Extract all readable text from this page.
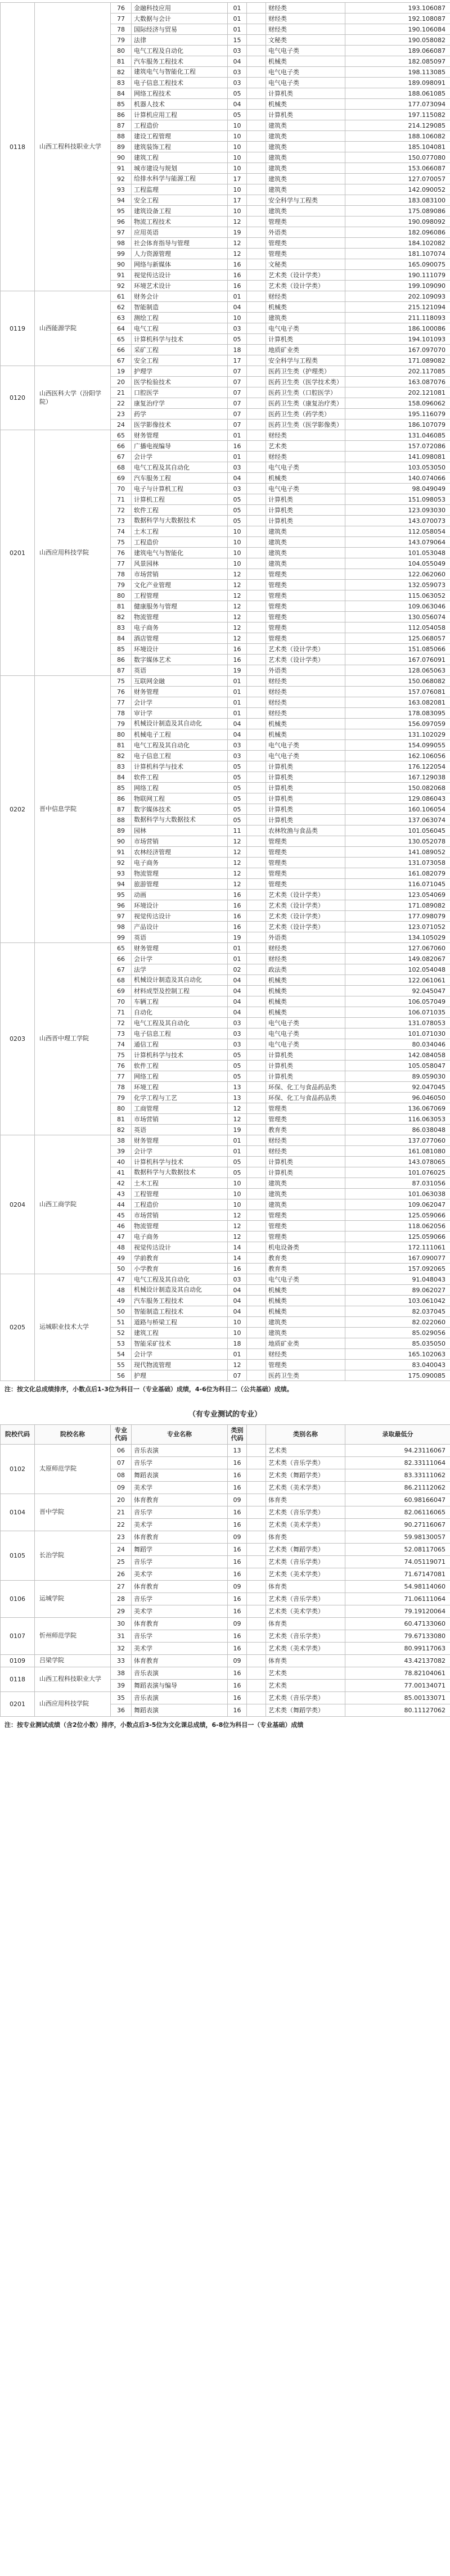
0118	山西工程科技职业大学	76	金融科技应用	01		财经类	193.106087
		77	大数据与会计	01		财经类	192.108087
		78	国际经济与贸易	01		财经类	190.106084
		79	法律	15		文秘类	190.058082
		80	电气工程及自动化	03		电气电子类	189.066087
		81	汽车服务工程技术	04		机械类	182.085097
		82	建筑电气与智能化工程	03		电气电子类	198.113085
		83	电子信息工程技术	03		电气电子类	189.098091
		84	网络工程技术	05		计算机类	188.061085
		85	机器人技术	04		机械类	177.073094
		86	计算机应用工程	05		计算机类	197.115082
		87	工程造价	10		建筑类	214.129085
		88	建设工程管理	10		建筑类	188.106082
		89	建筑装饰工程	10		建筑类	185.104081
		90	建筑工程	10		建筑类	150.077080
		91	城市建设与规划	10		建筑类	153.066087
		92	给排水科学与能源工程	17		建筑类	127.070057
		93	工程监理	10		建筑类	142.090052
		94	安全工程	17		安全科学与工程类	183.083100
		95	建筑设备工程	10		建筑类	175.089086
		96	物流工程技术	12		管理类	190.098092
		97	应用英语	19		外语类	182.096086
		98	社会体育指导与管理	12		管理类	184.102082
		99	人力资源管理	12		管理类	181.107074
		90	网络与新媒体	16		文秘类	165.090075
		91	视觉传达设计	16		艺术类（设计学类）	190.111079
		92	环境艺术设计	16		艺术类（设计学类）	199.109090
0119	山西能源学院	61	财务会计	01		财经类	202.109093
		62	智能制造	04		机械类	215.121094
		63	测绘工程	10		建筑类	211.118093
		64	电气工程	03		电气电子类	186.100086
		65	计算机科学与技术	05		计算机类	194.101093
		66	采矿工程	18		地质矿业类	167.097070
		67	安全工程	17		安全科学与工程类	171.089082
0120	山西医科大学（汾阳学院）	19	护理学	07		医药卫生类（护理类）	202.117085
		20	医学检验技术	07		医药卫生类（医学技术类）	163.087076
		21	口腔医学	07		医药卫生类（口腔医学）	202.121081
		22	康复治疗学	07		医药卫生类（康复治疗类）	158.096062
		23	药学	07		医药卫生类（药学类）	195.116079
		24	医学影像技术	07		医药卫生类（医学影像类）	186.107079
0201	山西应用科技学院	65	财务管理	01		财经类	131.046085
		66	广播电视编导	16		艺术类	157.072086
		67	会计学	01		财经类	141.098081
		68	电气工程及其自动化	03		电气电子类	103.053050
		69	汽车服务工程	04		机械类	140.074066
		70	电子与计算机工程	03		电气电子类	98.049049
		71	计算机工程	05		计算机类	151.098053
		72	软件工程	05		计算机类	123.093030
		73	数据科学与大数据技术	05		计算机类	143.070073
		74	土木工程	10		建筑类	112.058054
		75	工程造价	10		建筑类	143.079064
		76	建筑电气与智能化	10		建筑类	101.053048
		77	风景园林	10		建筑类	104.055049
		78	市场营销	12		管理类	122.062060
		79	文化产业管理	12		管理类	132.059073
		80	工程管理	12		管理类	115.063052
		81	健康服务与管理	12		管理类	109.063046
		82	物流管理	12		管理类	130.056074
		83	电子商务	12		管理类	112.054058
		84	酒店管理	12		管理类	125.068057
		85	环境设计	16		艺术类（设计学类）	151.085066
		86	数字媒体艺术	16		艺术类（设计学类）	167.076091
		87	英语	19		外语类	128.065063
0202	晋中信息学院	75	互联网金融	01		财经类	150.068082
		76	财务管理	01		财经类	157.076081
		77	会计学	01		财经类	163.082081
		78	审计学	01		财经类	178.083095
		79	机械设计制造及其自动化	04		机械类	156.097059
		80	机械电子工程	04		机械类	131.102029
		81	电气工程及其自动化	03		电气电子类	154.099055
		82	电子信息工程	03		电气电子类	162.106056
		83	计算机科学与技术	05		计算机类	176.122054
		84	软件工程	05		计算机类	167.129038
		85	网络工程	05		计算机类	150.082068
		86	物联网工程	05		计算机类	129.086043
		87	数字媒体技术	05		计算机类	160.106054
		88	数据科学与大数据技术	05		计算机类	137.063074
		89	园林	11		农林牧渔与食品类	101.056045
		90	市场营销	12		管理类	130.052078
		91	农林经济管理	12		管理类	141.089052
		92	电子商务	12		管理类	131.073058
		93	物流管理	12		管理类	161.082079
		94	旅游管理	12		管理类	116.071045
		95	动画	16		艺术类（设计学类）	123.054069
		96	环境设计	16		艺术类（设计学类）	171.089082
		97	视觉传达设计	16		艺术类（设计学类）	177.098079
		98	产品设计	16		艺术类（设计学类）	123.071052
		99	英语	19		外语类	134.105029
0203	山西晋中理工学院	65	财务管理	01		财经类	127.067060
		66	会计学	01		财经类	149.082067
		67	法学	02		政法类	102.054048
		68	机械设计制造及其自动化	04		机械类	122.061061
		69	材料成型及控制工程	04		机械类	92.045047
		70	车辆工程	04		机械类	106.057049
		71	自动化	04		机械类	106.071035
		72	电气工程及其自动化	03		电气电子类	131.078053
		73	电子信息工程	03		电气电子类	101.071030
		74	通信工程	03		电气电子类	80.034046
		75	计算机科学与技术	05		计算机类	142.084058
		76	软件工程	05		计算机类	105.058047
		77	网络工程	05		计算机类	89.059030
		78	环境工程	13		环保、化工与食品药品类	92.047045
		79	化学工程与工艺	13		环保、化工与食品药品类	96.046050
		80	工商管理	12		管理类	136.067069
		81	市场营销	12		管理类	116.063053
		82	英语	19		教育类	86.038048
0204	山西工商学院	38	财务管理	01		财经类	137.077060
		39	会计学	01		财经类	161.081080
		40	计算机科学与技术	05		计算机类	143.078065
		41	数据科学与大数据技术	05		计算机类	101.076025
		42	土木工程	10		建筑类	87.031056
		43	工程管理	10		建筑类	101.063038
		44	工程造价	10		建筑类	109.062047
		45	市场营销	12		管理类	125.059066
		46	物流管理	12		管理类	118.062056
		47	电子商务	12		管理类	125.059066
		48	视觉传达设计	14		机电设备类	172.111061
		49	学前教育	14		教育类	167.090077
		50	小学教育	16		教育类	157.092065
0205	运城职业技术大学	47	电气工程及其自动化	03		电气电子类	91.048043
		48	机械设计制造及其自动化	04		机械类	89.062027
		49	汽车服务工程技术	04		机械类	103.061042
		50	智能制造工程技术	04		机械类	82.037045
		51	道路与桥梁工程	10		建筑类	82.022060
		52	建筑工程	10		建筑类	85.029056
		53	智能采矿技术	18		地质矿业类	85.035050
		54	会计学	01		财经类	165.102063
		55	现代物流管理	12		管理类	83.040043
		56	护理	07		医药卫生类	175.090085
注：按文化总成绩排序，小数点后1-3位为科目一（专业基础）成绩，4-6位为科目二（公共基础）成绩。
（有专业测试的专业）
院校代码	院校名称	专业代码	专业名称	类别代码		类别名称	录取最低分
0102	太原师范学院	06	音乐表演	13		艺术类	94.23116067
		07	音乐学	16		艺术类（音乐学类）	82.33111064
		08	舞蹈表演	16		艺术类（舞蹈学类）	83.33111062
		09	美术学	16		艺术类（美术学类）	86.21112062
0104	晋中学院	20	体育教育	09		体育类	60.98166047
		21	音乐学	16		艺术类（音乐学类）	82.06116065
		22	美术学	16		艺术类（美术学类）	90.27116067
0105	长治学院	23	体育教育	09		体育类	59.98130057
		24	舞蹈学	16		艺术类（舞蹈学类）	52.08117065
		25	音乐学	16		艺术类（音乐学类）	74.05119071
		26	美术学	16		艺术类（美术学类）	71.67147081
0106	运城学院	27	体育教育	09		体育类	54.98114060
		28	音乐学	16		艺术类（音乐学类）	71.06111064
		29	美术学	16		艺术类（美术学类）	79.19120064
0107	忻州师范学院	30	体育教育	09		体育类	60.47133060
		31	音乐学	16		艺术类（音乐学类）	79.67133080
		32	美术学	16		艺术类（美术学类）	80.99117063
0109	吕梁学院	33	体育教育	09		体育类	43.42137082
0118	山西工程科技职业大学	38	音乐表演	16		艺术类	78.82104061
		39	舞蹈表演与编导	16		艺术类	77.00134071
0201	山西应用科技学院	35	音乐表演	16		艺术类（音乐学类）	85.00133071
		36	舞蹈表演	16		艺术类（舞蹈学类）	80.11127062
注：按专业测试成绩（含2位小数）排序，小数点后3-5位为文化课总成绩，6-8位为科目一（专业基础）成绩
